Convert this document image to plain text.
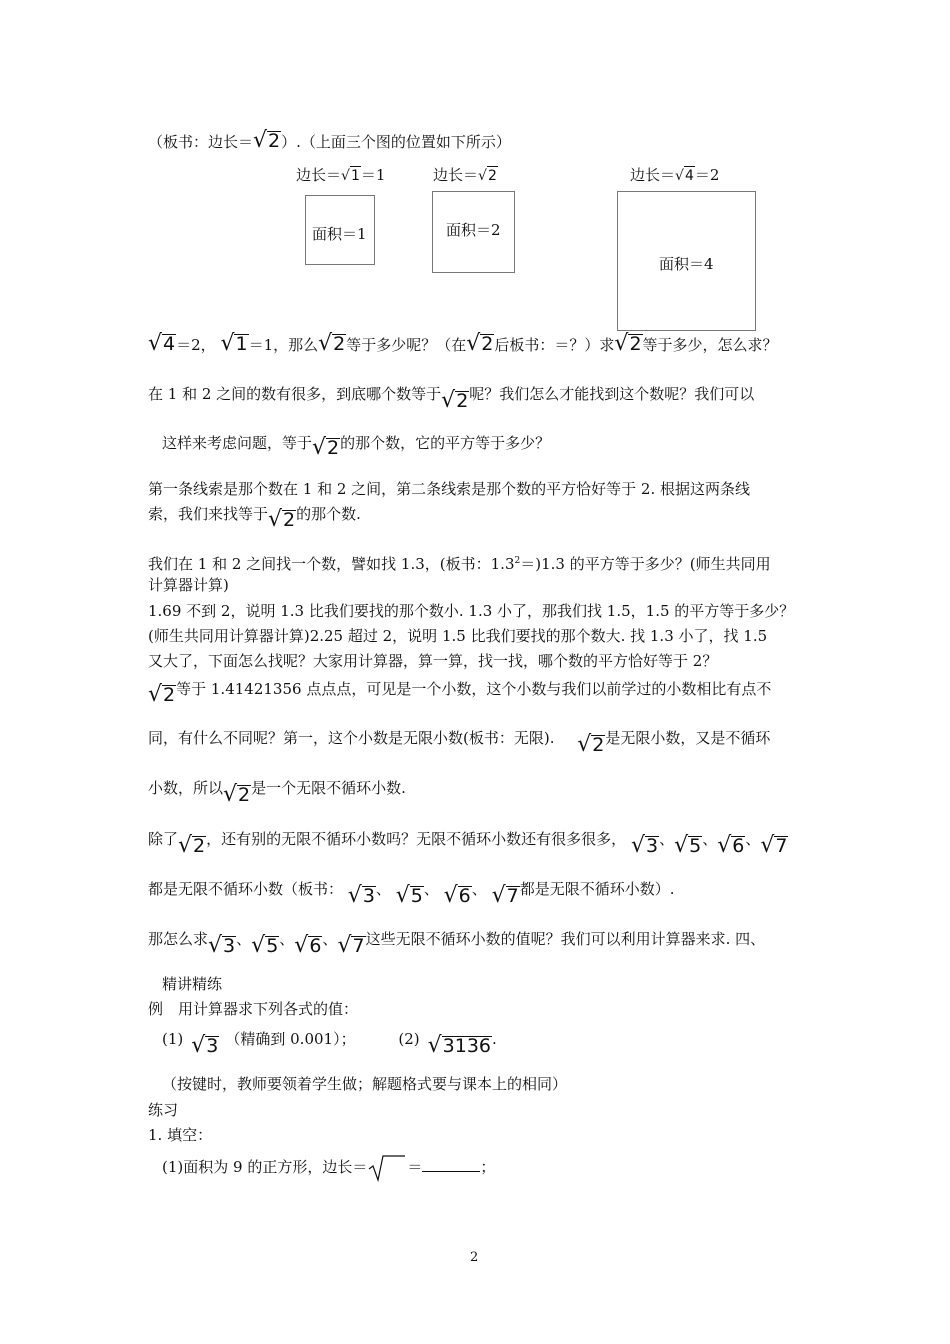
（板书：边长＝√2）.（上面三个图的位置如下所示）
边长＝√1＝1	边长＝√2	边长＝√4＝2
面积＝1	面积＝2
面积＝4
√4＝2， √1＝1，那么√2等于多少呢？（在√2后板书：＝？）求√2等于多少，怎么求？
在 1 和 2 之间的数有很多，到底哪个数等于√2呢？我们怎么才能找到这个数呢？我们可以
这样来考虑问题，等于√2的那个数，它的平方等于多少？
第一条线索是那个数在 1 和 2 之间，第二条线索是那个数的平方恰好等于 2. 根据这两条线
索，我们来找等于√2的那个数.
我们在 1 和 2 之间找一个数，譬如找 1.3，(板书：$1.3^2=)1.3$ 的平方等于多少？(师生共同用
计算器计算)
1.69 不到 2，说明 1.3 比我们要找的那个数小. 1.3 小了，那我们找 1.5，1.5 的平方等于多少？
(师生共同用计算器计算)2.25 超过 2，说明 1.5 比我们要找的那个数大. 找 1.3 小了，找 1.5
又大了，下面怎么找呢？大家用计算器，算一算，找一找，哪个数的平方恰好等于 2？
√2等于 1.41421356 点点点，可见是一个小数，这个小数与我们以前学过的小数相比有点不
同，有什么不同呢？第一，这个小数是无限小数(板书：无限). √2是无限小数，又是不循环
小数，所以√2是一个无限不循环小数.
除了√2，还有别的无限不循环小数吗？无限不循环小数还有很多很多， √3、√5、√6、√7
都是无限不循环小数（板书： √3、 √5、 √6、 √7都是无限不循环小数）.
那怎么求√3、√5、√6、√7这些无限不循环小数的值呢？我们可以利用计算器来求. 四、
精讲精练
例　用计算器求下列各式的值：
(1) √3 （精确到 0.001）；	(2) √3136.
（按键时，教师要领着学生做；解题格式要与课本上的相同）
练习
1. 填空：
(1)面积为 9 的正方形，边长＝	＝	；
2
